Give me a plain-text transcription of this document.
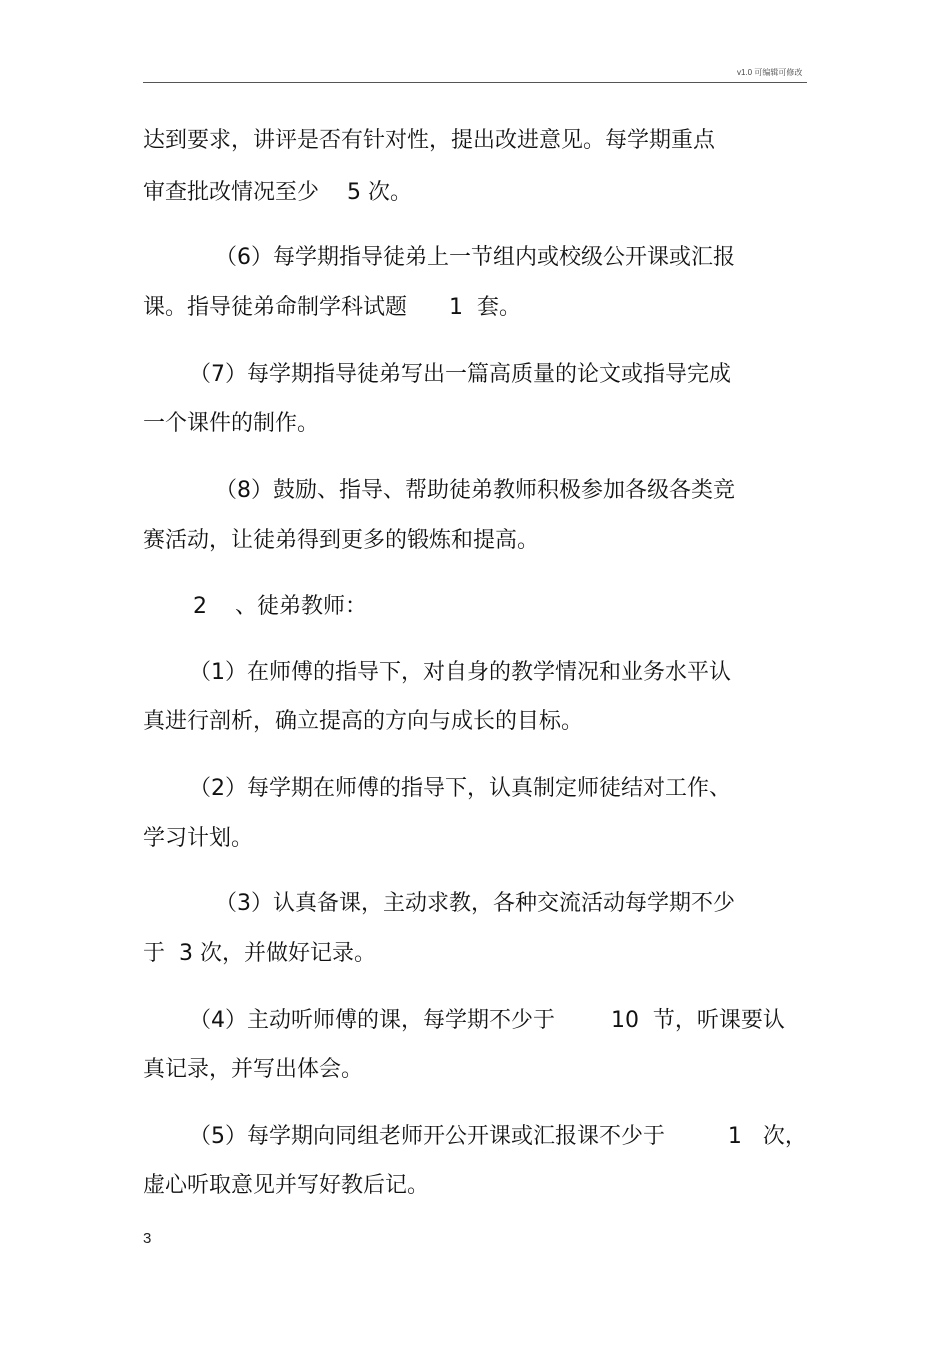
v1.0 可编辑可修改
达到要求，讲评是否有针对性，提出改进意见。每学期重点
审查批改情况至少    5 次。
（6）每学期指导徒弟上一节组内或校级公开课或汇报
课。指导徒弟命制学科试题      1  套。
（7）每学期指导徒弟写出一篇高质量的论文或指导完成
一个课件的制作。
（8）鼓励、指导、帮助徒弟教师积极参加各级各类竞
赛活动，让徒弟得到更多的锻炼和提高。
2    、徒弟教师：
（1）在师傅的指导下，对自身的教学情况和业务水平认
真进行剖析，确立提高的方向与成长的目标。
（2）每学期在师傅的指导下，认真制定师徒结对工作、
学习计划。
（3）认真备课，主动求教，各种交流活动每学期不少
于  3 次，并做好记录。
（4）主动听师傅的课，每学期不少于        10  节，听课要认
真记录，并写出体会。
（5）每学期向同组老师开公开课或汇报课不少于         1   次，
虚心听取意见并写好教后记。
3
